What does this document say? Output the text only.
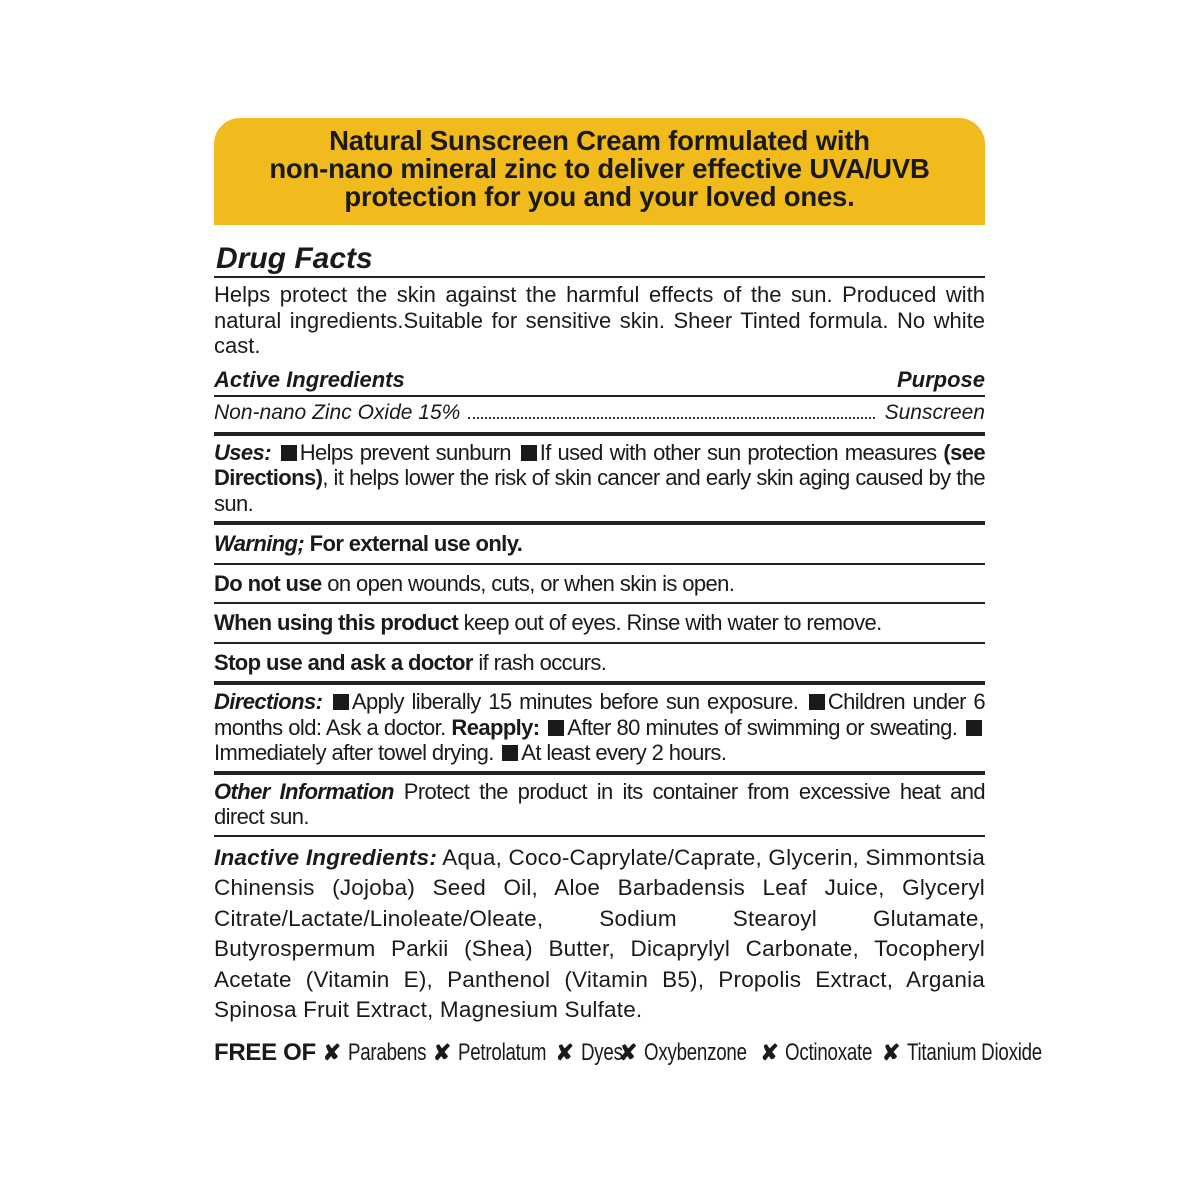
Natural Sunscreen Cream formulated with
non-nano mineral zinc to deliver effective UVA/UVB
protection for you and your loved ones.
Drug Facts
Helps protect the skin against the harmful effects of the sun. Produced with natural ingredients.Suitable for sensitive skin. Sheer Tinted formula. No white cast.
Active Ingredients	Purpose
Non-nano Zinc Oxide 15%	Sunscreen
Uses: Helps prevent sunburn If used with other sun protection measures (see Directions), it helps lower the risk of skin cancer and early skin aging caused by the sun.
Warning; For external use only.
Do not use on open wounds, cuts, or when skin is open.
When using this product keep out of eyes. Rinse with water to remove.
Stop use and ask a doctor if rash occurs.
Directions: Apply liberally 15 minutes before sun exposure. Children under 6 months old: Ask a doctor. Reapply: After 80 minutes of swimming or sweating. Immediately after towel drying. At least every 2 hours.
Other Information Protect the product in its container from excessive heat and direct sun.
Inactive Ingredients: Aqua, Coco-Caprylate/Caprate, Glycerin, Simmontsia Chinensis (Jojoba) Seed Oil, Aloe Barbadensis Leaf Juice, Glyceryl Citrate/Lactate/Linoleate/Oleate, Sodium Stearoyl Glutamate, Butyrospermum Parkii (Shea) Butter, Dicaprylyl Carbonate, Tocopheryl Acetate (Vitamin E), Panthenol (Vitamin B5), Propolis Extract, Argania Spinosa Fruit Extract, Magnesium Sulfate.
FREE OF ✘ Parabens ✘ Petrolatum ✘ Dyes ✘ Oxybenzone ✘ Octinoxate ✘ Titanium Dioxide
